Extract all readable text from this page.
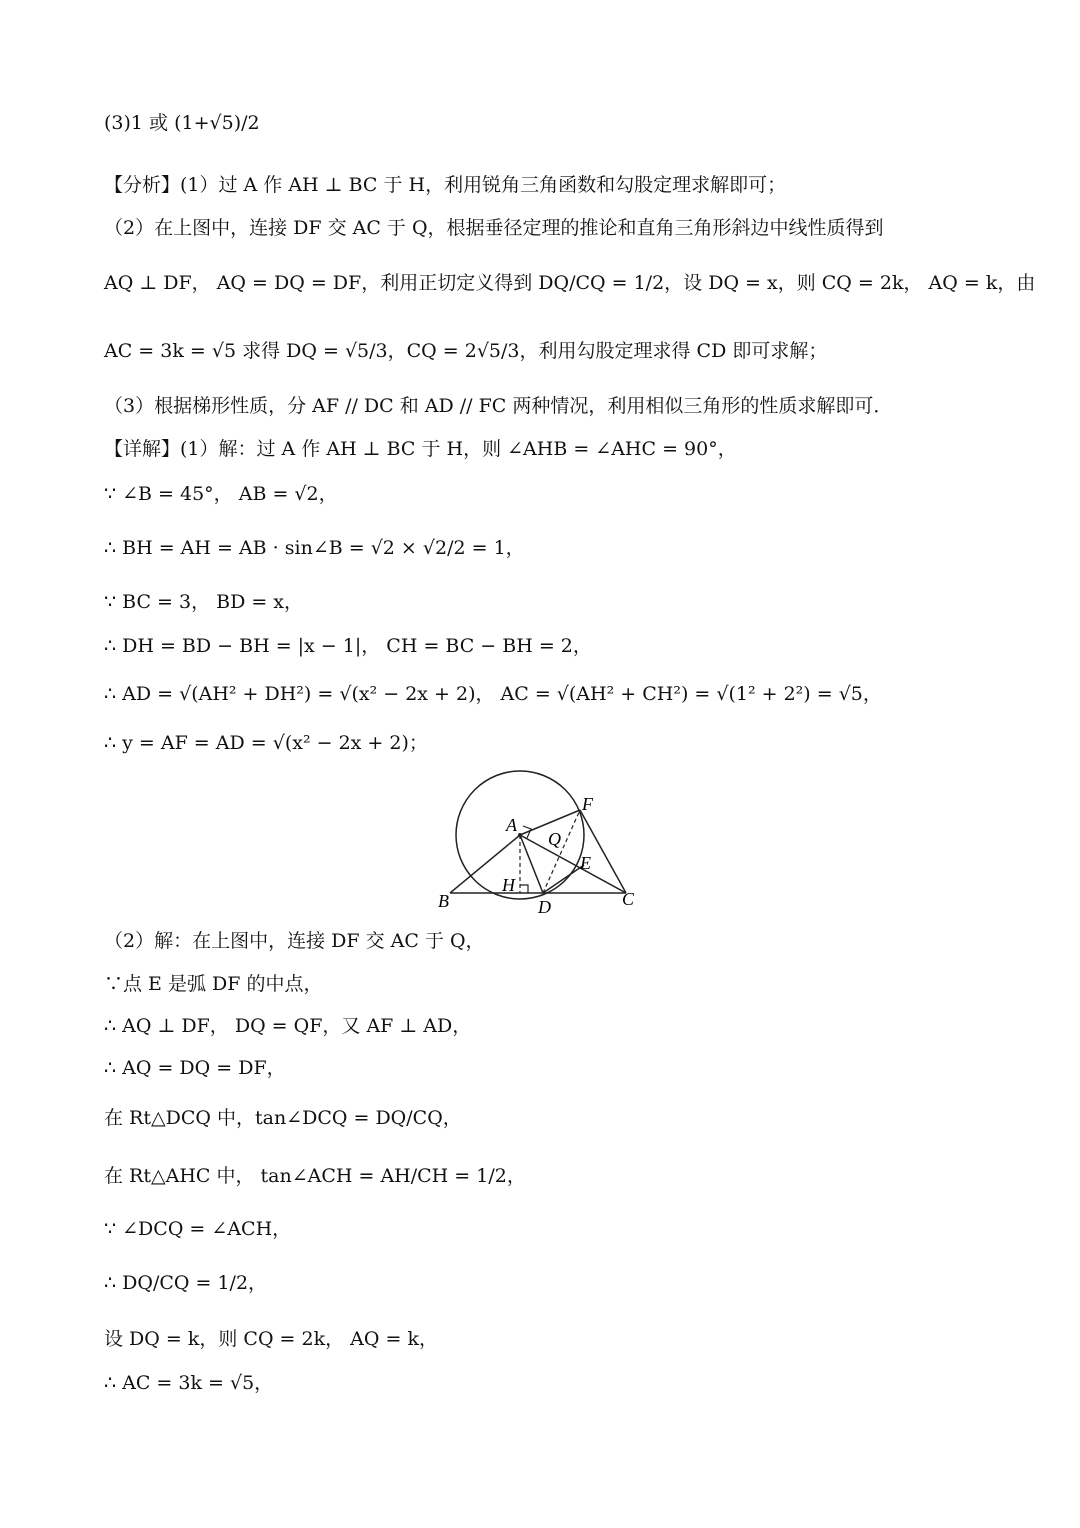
(3)1 或 (1+√5)/2
【分析】(1）过 A 作 AH ⊥ BC 于 H，利用锐角三角函数和勾股定理求解即可；
（2）在上图中，连接 DF 交 AC 于 Q，根据垂径定理的推论和直角三角形斜边中线性质得到
AQ ⊥ DF， AQ = DQ = DF，利用正切定义得到 DQ/CQ = 1/2，设 DQ = x，则 CQ = 2k， AQ = k，由
AC = 3k = √5 求得 DQ = √5/3，CQ = 2√5/3，利用勾股定理求得 CD 即可求解；
（3）根据梯形性质，分 AF // DC 和 AD // FC 两种情况，利用相似三角形的性质求解即可．
【详解】(1）解：过 A 作 AH ⊥ BC 于 H，则 ∠AHB = ∠AHC = 90°，
∵ ∠B = 45°， AB = √2，
∴ BH = AH = AB · sin∠B = √2 × √2/2 = 1，
∵ BC = 3， BD = x，
∴ DH = BD − BH = |x − 1|， CH = BC − BH = 2，
∴ AD = √(AH² + DH²) = √(x² − 2x + 2)， AC = √(AH² + CH²) = √(1² + 2²) = √5，
∴ y = AF = AD = √(x² − 2x + 2)；
A
B	C
D
E
F
H
Q
（2）解：在上图中，连接 DF 交 AC 于 Q，
∵点 E 是弧 DF 的中点，
∴ AQ ⊥ DF， DQ = QF，又 AF ⊥ AD，
∴ AQ = DQ = DF，
在 Rt△DCQ 中，tan∠DCQ = DQ/CQ，
在 Rt△AHC 中， tan∠ACH = AH/CH = 1/2，
∵ ∠DCQ = ∠ACH，
∴ DQ/CQ = 1/2，
设 DQ = k，则 CQ = 2k， AQ = k，
∴ AC = 3k = √5，
